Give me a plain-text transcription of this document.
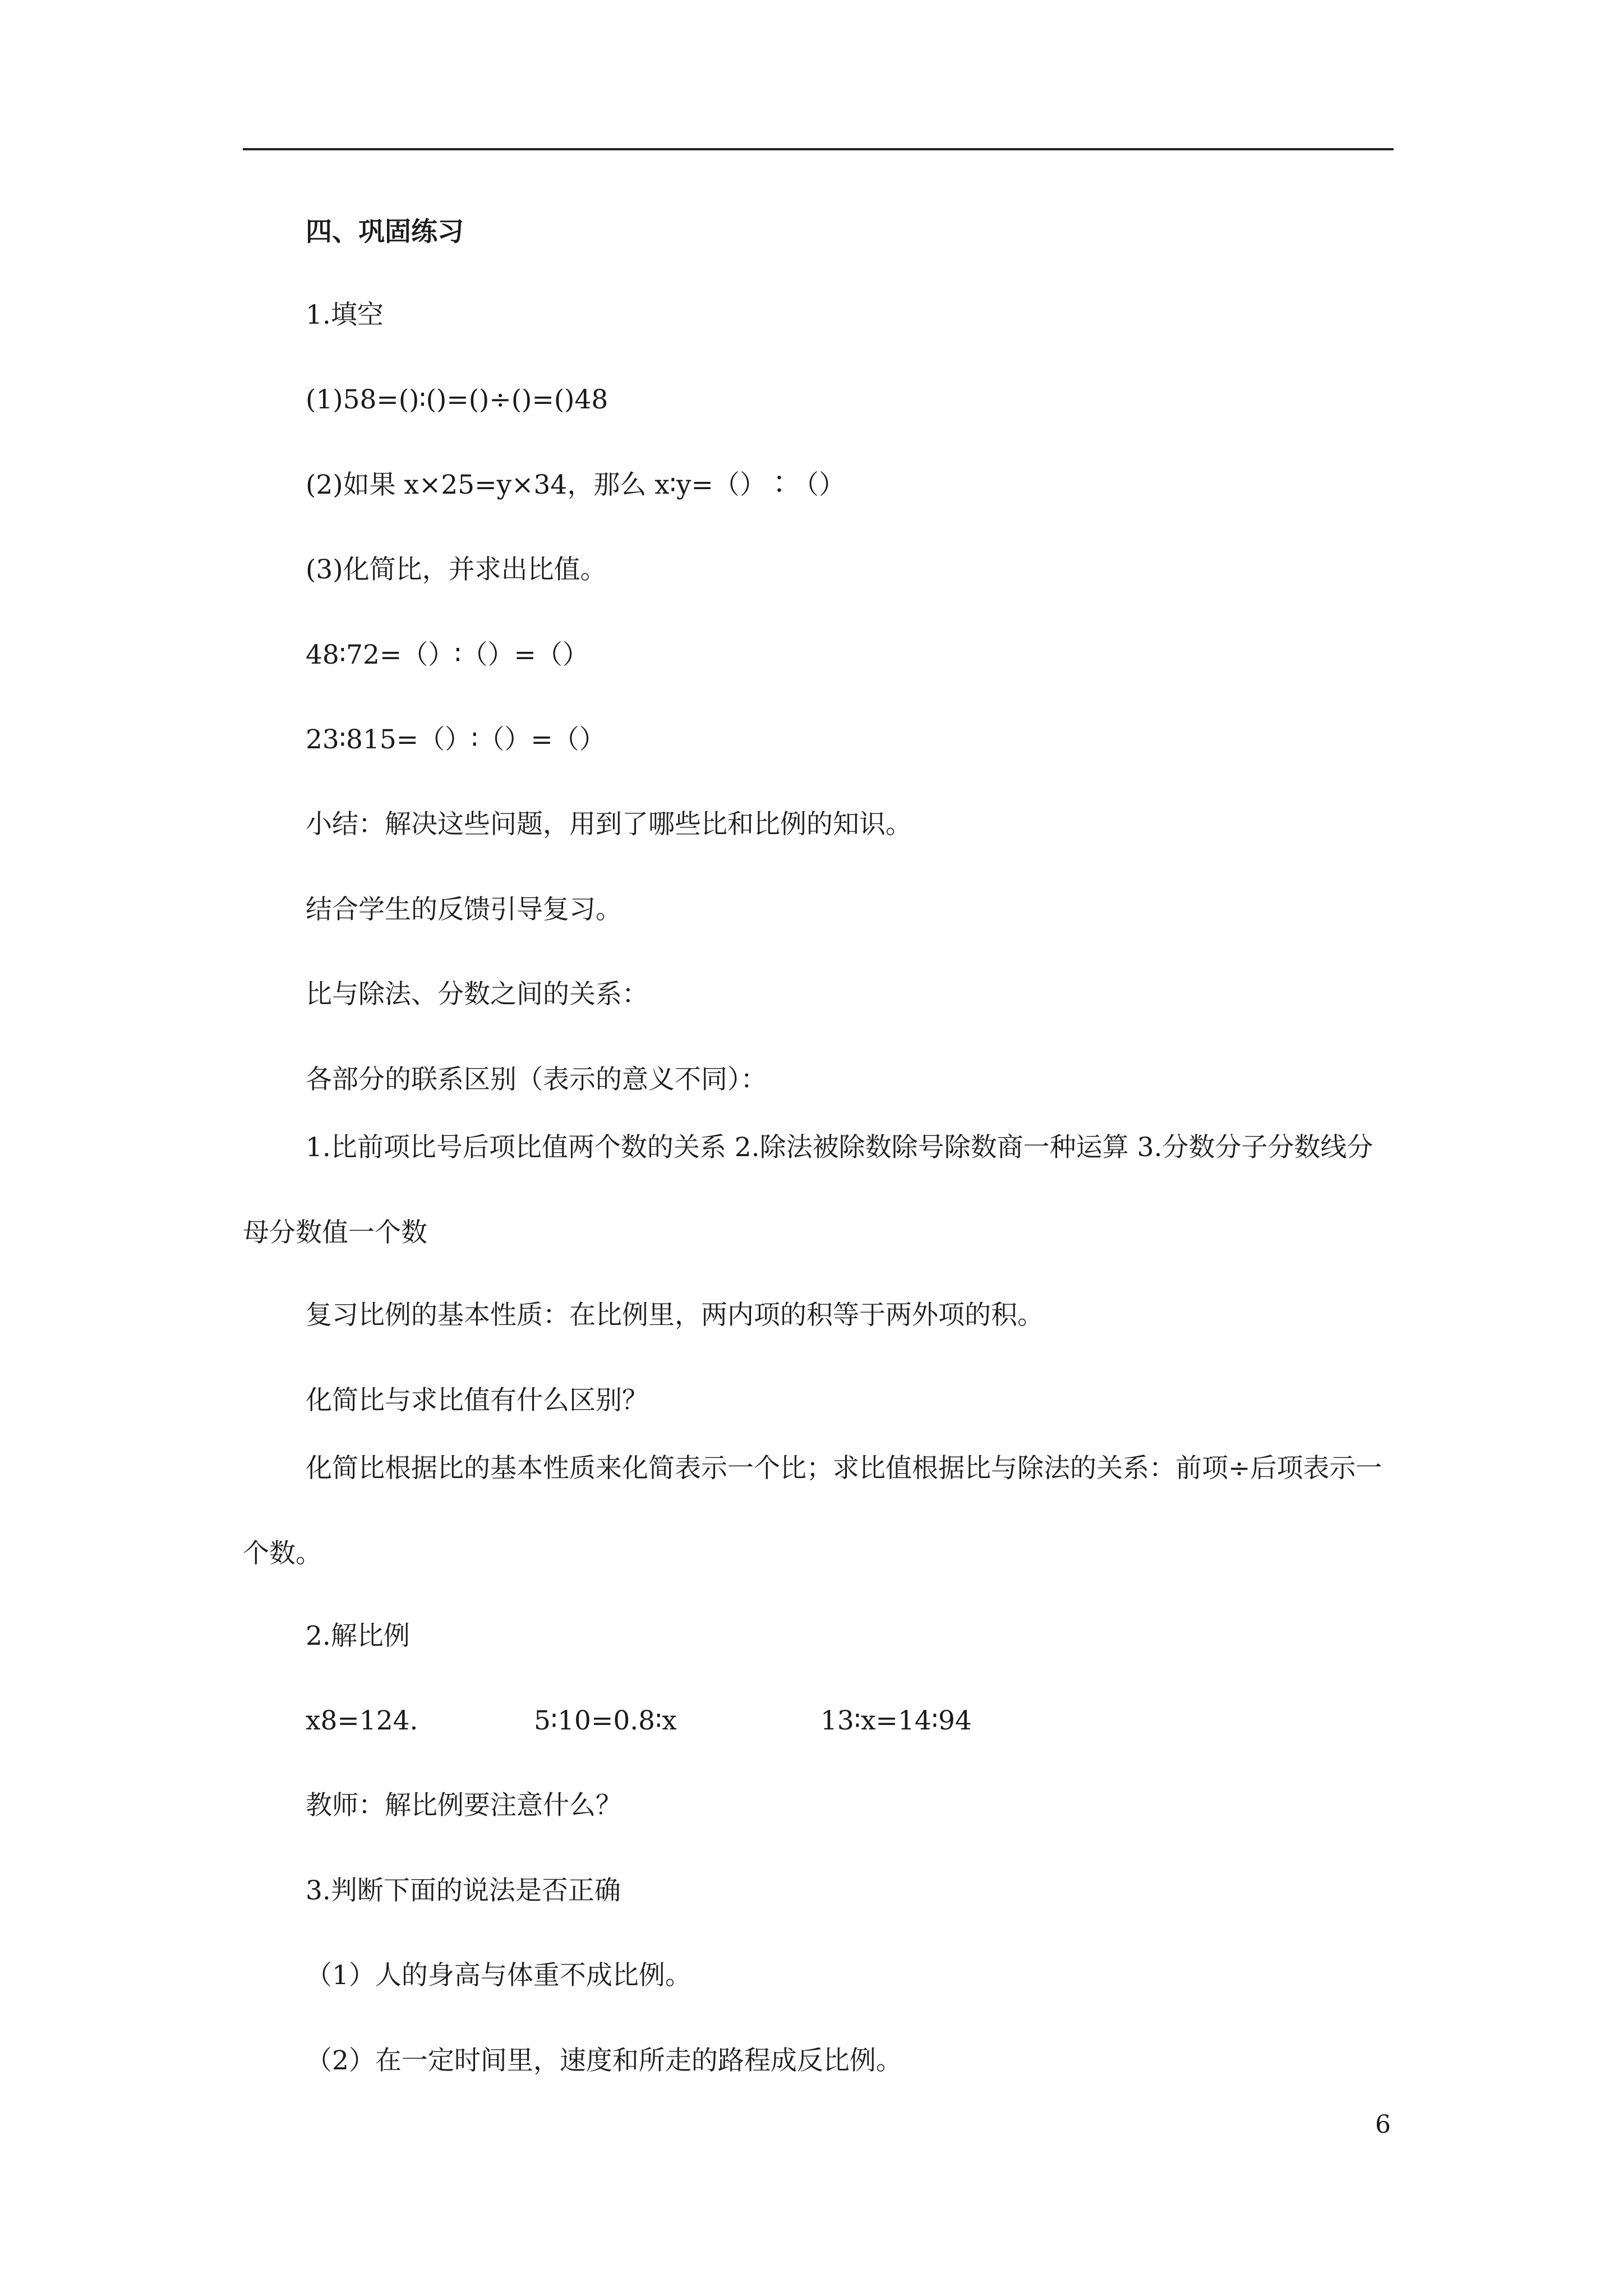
四、巩固练习
1.填空
(1)58=()∶()=()÷()=()48
(2)如果 x×25=y×34，那么 x∶y=（）∶（）
(3)化简比，并求出比值。
48∶72=（）∶（）=（）
23∶815=（）∶（）=（）
小结：解决这些问题，用到了哪些比和比例的知识。
结合学生的反馈引导复习。
比与除法、分数之间的关系：
各部分的联系区别（表示的意义不同）：

1.比前项比号后项比值两个数的关系 2.除法被除数除号除数商一种运算 3.分数分子分数线分母分数值一个数

复习比例的基本性质：在比例里，两内项的积等于两外项的积。
化简比与求比值有什么区别？

化简比根据比的基本性质来化简表示一个比；求比值根据比与除法的关系：前项÷后项表示一个数。

2.解比例
x8=124.	5∶10=0.8∶x	13∶x=14∶94
教师：解比例要注意什么？
3.判断下面的说法是否正确
（1）人的身高与体重不成比例。
（2）在一定时间里，速度和所走的路程成反比例。
6
